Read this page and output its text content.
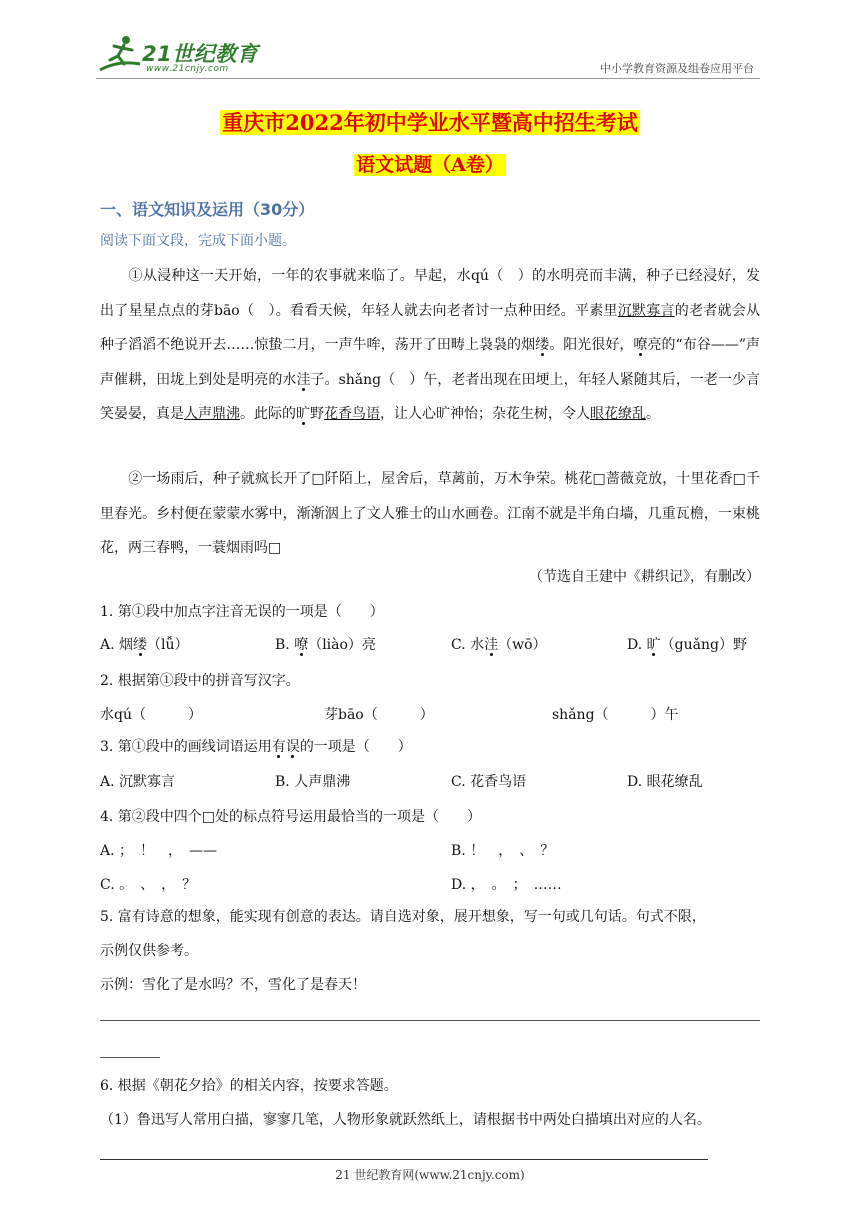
21世纪教育
www.21cnjy.com	中小学教育资源及组卷应用平台
重庆市2022年初中学业水平暨高中招生考试
语文试题（A卷）
一、语文知识及运用（30分）
阅读下面文段，完成下面小题。
　　①从浸种这一天开始，一年的农事就来临了。早起，水qú（　）的水明亮而丰满，种子已经浸好，发出了星星点点的芽bāo（　）。看看天候，年轻人就去向老者讨一点种田经。平素里沉默寡言的老者就会从种子滔滔不绝说开去……惊蛰二月，一声牛哞，荡开了田畴上袅袅的烟缕。阳光很好，嘹亮的“布谷——”声声催耕，田垅上到处是明亮的水洼子。shǎng（　）午，老者出现在田埂上，年轻人紧随其后，一老一少言笑晏晏，真是人声鼎沸。此际的旷野花香鸟语，让人心旷神怡；杂花生树，令人眼花缭乱。
　　②一场雨后，种子就疯长开了□阡陌上，屋舍后，草蓠前，万木争荣。桃花□蔷薇竞放，十里花香□千里春光。乡村便在蒙蒙水雾中，渐渐洇上了文人雅士的山水画卷。江南不就是半角白墙，几重瓦檐，一束桃花，两三春鸭，一蓑烟雨吗□
（节选自王建中《耕织记》，有删改）
1. 第①段中加点字注音无误的一项是（　　）
A. 烟缕（lǚ）	B. 嘹（liào）亮	C. 水洼（wō）	D. 旷（guǎng）野
2. 根据第①段中的拼音写汉字。
水qú（　　　）	芽bāo（　　　）	shǎng（　　　）午
3. 第①段中的画线词语运用有误的一项是（　　）
A. 沉默寡言	B. 人声鼎沸	C. 花香鸟语	D. 眼花缭乱
4. 第②段中四个□处的标点符号运用最恰当的一项是（　　）
A. ；　！　，　——	B. ！　，　、　？
C. 。　、　，　？	D. ，　。　；　……
5. 富有诗意的想象，能实现有创意的表达。请自选对象，展开想象，写一句或几句话。句式不限，
示例仅供参考。
示例：雪化了是水吗？不，雪化了是春天！
6. 根据《朝花夕拾》的相关内容，按要求答题。
（1）鲁迅写人常用白描，寥寥几笔，人物形象就跃然纸上，请根据书中两处白描填出对应的人名。
21 世纪教育网(www.21cnjy.com)
